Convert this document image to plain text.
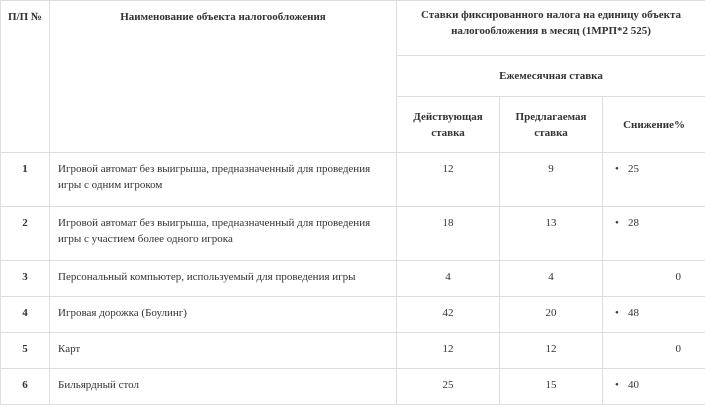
П/П №	Наименование объекта налогообложения	Ставки фиксированного налога на единицу объекта налогообложения в месяц (1МРП*2 525)		
		Ежемесячная ставка		
		Действующая ставка	Предлагаемая ставка	Снижение%
1	Игровой автомат без выигрыша, предназначенный для проведения игры с одним игроком	12	9	• 25

2	Игровой автомат без выигрыша, предназначенный для проведения игры с участием более одного игрока	18	13	• 28

3	Персональный компьютер, используемый для проведения игры	4	4	0

4	Игровая дорожка (Боулинг)	42	20	• 48

5	Карт	12	12	0

6	Бильярдный стол	25	15	• 40
